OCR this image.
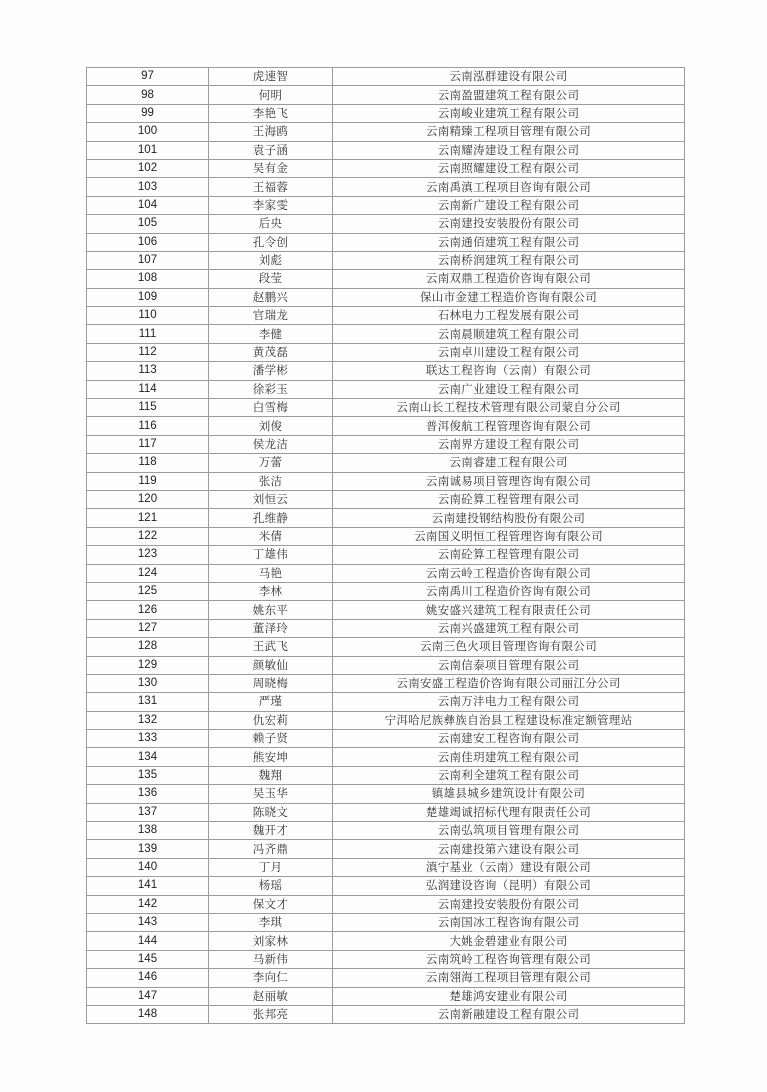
97	虎速智	云南泓群建设有限公司
98	何明	云南盈盟建筑工程有限公司
99	李艳飞	云南峻业建筑工程有限公司
100	王海鸥	云南精臻工程项目管理有限公司
101	袁子涵	云南耀涛建设工程有限公司
102	吴有金	云南照耀建设工程有限公司
103	王福蓉	云南禹滇工程项目咨询有限公司
104	李家雯	云南新广建设工程有限公司
105	后央	云南建投安装股份有限公司
106	孔令创	云南通佰建筑工程有限公司
107	刘彪	云南桥润建筑工程有限公司
108	段莹	云南双鼎工程造价咨询有限公司
109	赵鹏兴	保山市金建工程造价咨询有限公司
110	官瑞龙	石林电力工程发展有限公司
111	李健	云南晨顺建筑工程有限公司
112	黄茂磊	云南卓川建设工程有限公司
113	潘学彬	联达工程咨询（云南）有限公司
114	徐彩玉	云南广业建设工程有限公司
115	白雪梅	云南山长工程技术管理有限公司蒙自分公司
116	刘俊	普洱俊航工程管理咨询有限公司
117	侯龙洁	云南界方建设工程有限公司
118	万蕾	云南睿建工程有限公司
119	张洁	云南诚易项目管理咨询有限公司
120	刘恒云	云南砼算工程管理有限公司
121	孔维静	云南建投钢结构股份有限公司
122	米倩	云南国义明恒工程管理咨询有限公司
123	丁雄伟	云南砼算工程管理有限公司
124	马艳	云南云岭工程造价咨询有限公司
125	李林	云南禹川工程造价咨询有限公司
126	姚东平	姚安盛兴建筑工程有限责任公司
127	董泽玲	云南兴盛建筑工程有限公司
128	王武飞	云南三色火项目管理咨询有限公司
129	颜敏仙	云南信泰项目管理有限公司
130	周晓梅	云南安盛工程造价咨询有限公司丽江分公司
131	严瑾	云南万沣电力工程有限公司
132	仇宏莉	宁洱哈尼族彝族自治县工程建设标准定额管理站
133	赖子贤	云南建安工程咨询有限公司
134	熊安坤	云南佳玥建筑工程有限公司
135	魏翔	云南利全建筑工程有限公司
136	吴玉华	镇雄县城乡建筑设计有限公司
137	陈晓文	楚雄竭诚招标代理有限责任公司
138	魏开才	云南弘筑项目管理有限公司
139	冯齐鼎	云南建投第六建设有限公司
140	丁月	滇宁基业（云南）建设有限公司
141	杨瑶	弘润建设咨询（昆明）有限公司
142	保文才	云南建投安装股份有限公司
143	李琪	云南国冰工程咨询有限公司
144	刘家林	大姚金碧建业有限公司
145	马新伟	云南筑岭工程咨询管理有限公司
146	李向仁	云南翎海工程项目管理有限公司
147	赵丽敏	楚雄鸿安建业有限公司
148	张邦亮	云南新融建设工程有限公司
